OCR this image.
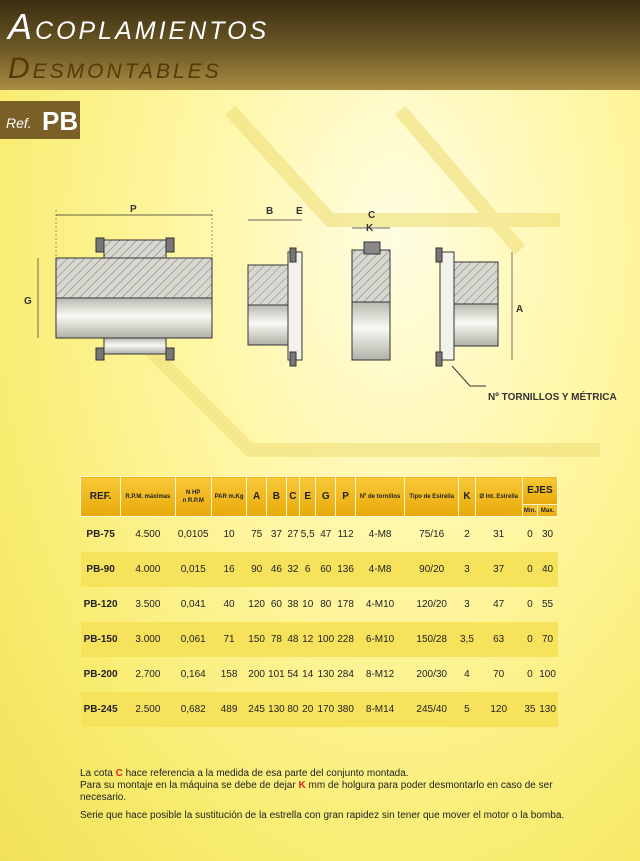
Acoplamientos
Desmontables
Ref. PB
P
G
B E	C
K
A
Nº TORNILLOS Y MÉTRICA
REF.	R.P.M. máximas	N HP
n R.P.M	PAR m.Kg	A	B	C	E	G	P	Nº de tornillos	Tipo de Estrella	K	Ø Int. Estrella	EJES	
														Min.	Max.
PB-75	4.500	0,0105	10	75	37	27	5,5	47	112	4-M8	75/16	2	31	0	30
PB-90	4.000	0,015	16	90	46	32	6	60	136	4-M8	90/20	3	37	0	40
PB-120	3.500	0,041	40	120	60	38	10	80	178	4-M10	120/20	3	47	0	55
PB-150	3.000	0,061	71	150	78	48	12	100	228	6-M10	150/28	3,5	63	0	70
PB-200	2.700	0,164	158	200	101	54	14	130	284	8-M12	200/30	4	70	0	100
PB-245	2.500	0,682	489	245	130	80	20	170	380	8-M14	245/40	5	120	35	130

La cota C hace referencia a la medida de esa parte del conjunto montada.
Para su montaje en la máquina se debe de dejar K mm de holgura para poder desmontarlo en caso de ser necesario.

Serie que hace posible la sustitución de la estrella con gran rapidez sin tener que mover el motor o la bomba.
